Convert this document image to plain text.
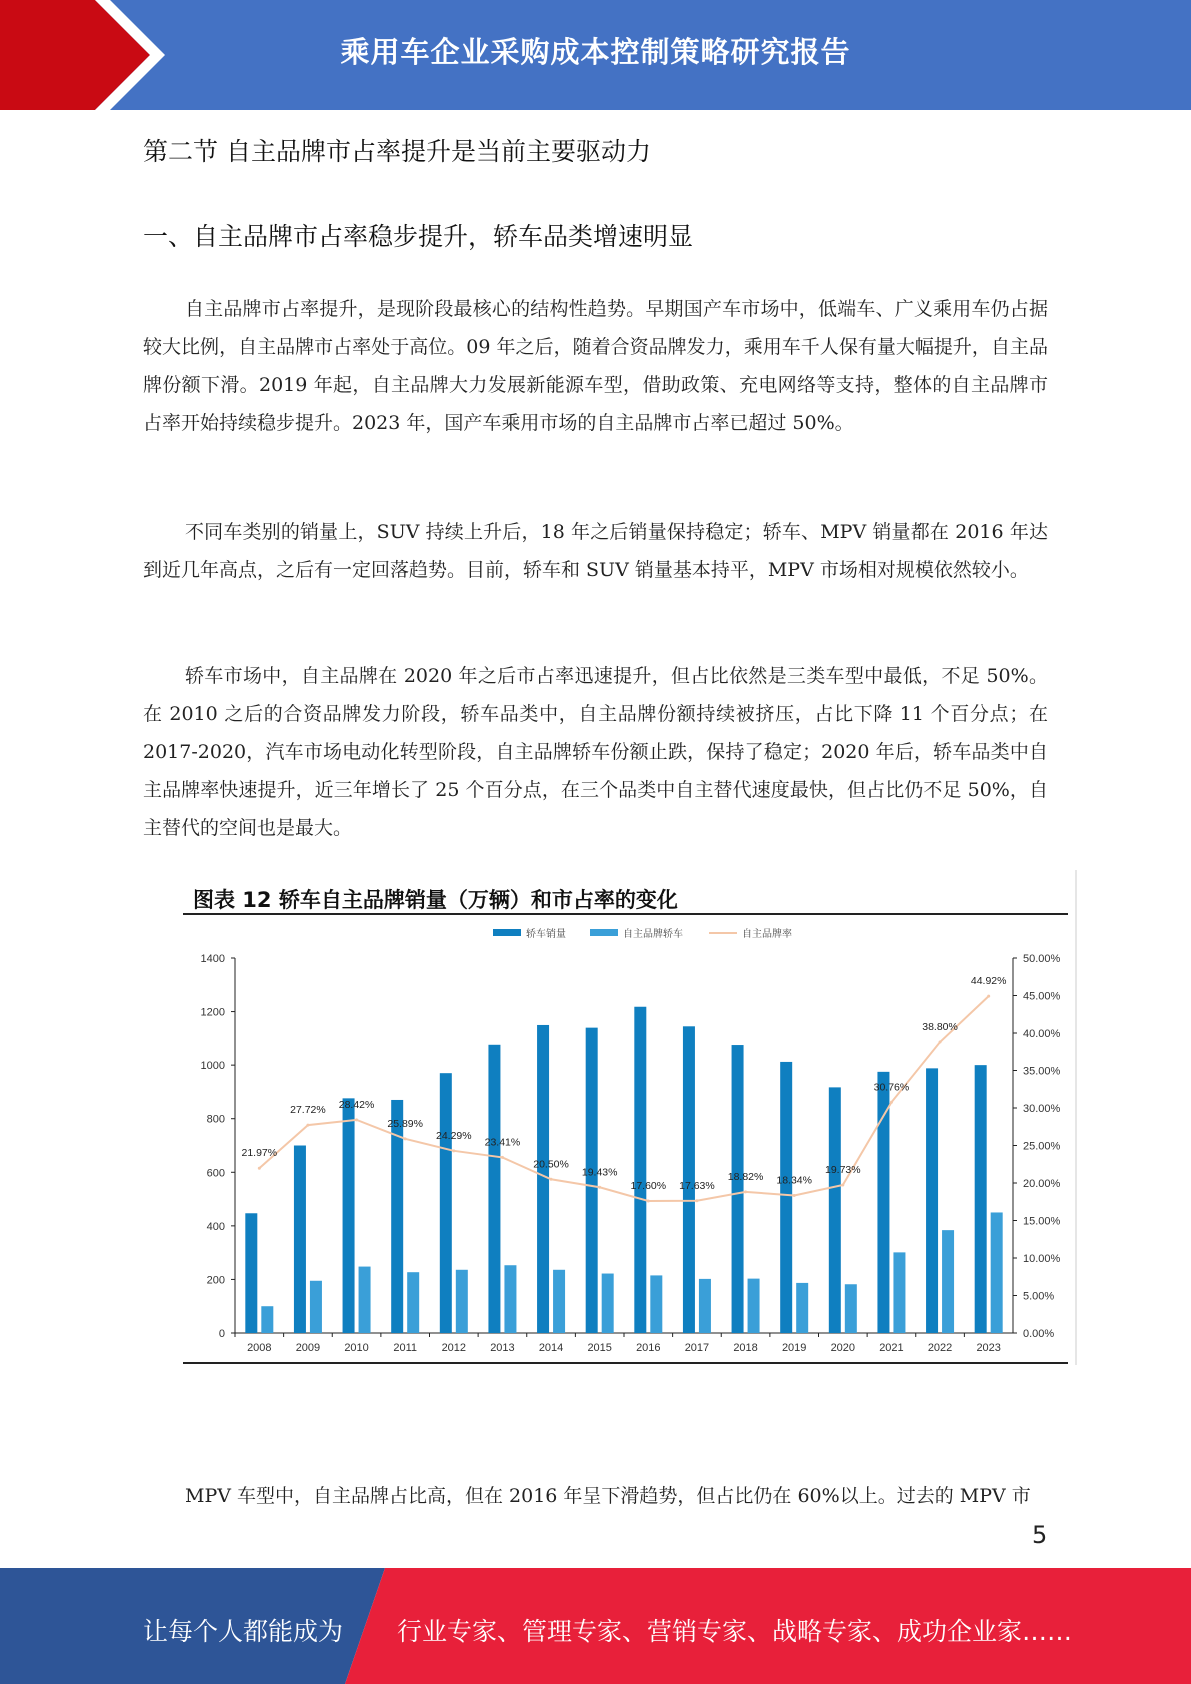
乘用车企业采购成本控制策略研究报告
第二节 自主品牌市占率提升是当前主要驱动力
一、自主品牌市占率稳步提升，轿车品类增速明显

自主品牌市占率提升，是现阶段最核心的结构性趋势。早期国产车市场中，低端车、广义乘用车仍占据较大比例，自主品牌市占率处于高位。09 年之后，随着合资品牌发力，乘用车千人保有量大幅提升，自主品牌份额下滑。2019 年起，自主品牌大力发展新能源车型，借助政策、充电网络等支持，整体的自主品牌市占率开始持续稳步提升。2023 年，国产车乘用市场的自主品牌市占率已超过 50%。

不同车类别的销量上，SUV 持续上升后，18 年之后销量保持稳定；轿车、MPV 销量都在 2016 年达到近几年高点，之后有一定回落趋势。目前，轿车和 SUV 销量基本持平，MPV 市场相对规模依然较小。

轿车市场中，自主品牌在 2020 年之后市占率迅速提升，但占比依然是三类车型中最低，不足 50%。在 2010 之后的合资品牌发力阶段，轿车品类中，自主品牌份额持续被挤压，占比下降 11 个百分点；在 2017-2020，汽车市场电动化转型阶段，自主品牌轿车份额止跌，保持了稳定；2020 年后，轿车品类中自主品牌率快速提升，近三年增长了 25 个百分点，在三个品类中自主替代速度最快，但占比仍不足 50%，自主替代的空间也是最大。

图表 12 轿车自主品牌销量（万辆）和市占率的变化
0
200
400
600
800
1000
1200
1400
0.00%
5.00%
10.00%
15.00%
20.00%
25.00%
30.00%
35.00%
40.00%
45.00%
50.00%
2008 2009 2010 2011 2012 2013 2014 2015 2016 2017 2018 2019 2020 2021 2022 2023
21.97%
27.72% 28.42%
25.89%
24.29%
23.41%
20.50%
19.43%
17.60% 17.63%
18.82% 18.34%
19.73%
30.76%
38.80%
44.92%
轿车销量	自主品牌轿车	自主品牌率

MPV 车型中，自主品牌占比高，但在 2016 年呈下滑趋势，但占比仍在 60%以上。过去的 MPV 市

5
让每个人都能成为 行业专家、管理专家、营销专家、战略专家、成功企业家……
